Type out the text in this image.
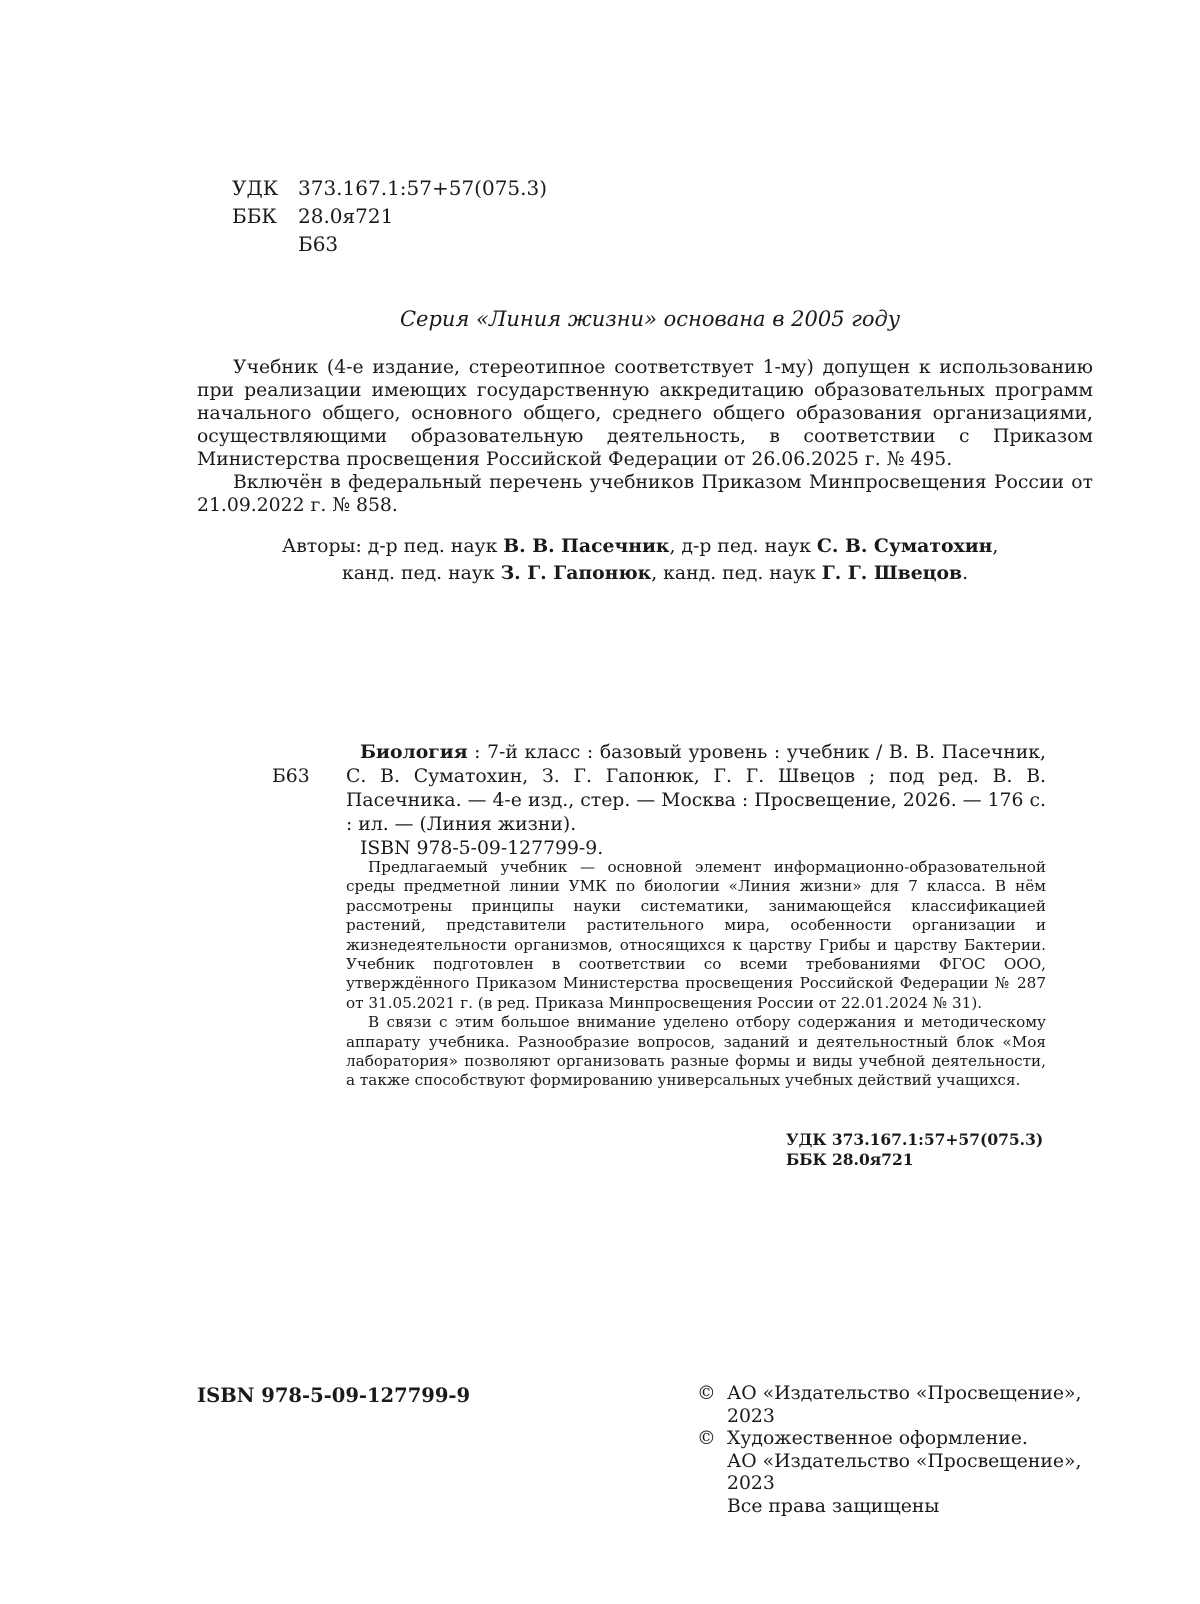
УДК 373.167.1:57+57(075.3)
ББК	28.0я721
Б63
Серия «Линия жизни» основана в 2005 году

Учебник (4-е издание, стереотипное соответствует 1-му) допущен к использованию при реализации имеющих государственную аккредитацию образовательных программ начального общего, основного общего, среднего общего образования организациями, осуществляющими образовательную деятельность, в соответствии с Приказом Министерства просвещения Российской Федерации от 26.06.2025 г. № 495.

Включён в федеральный перечень учебников Приказом Минпросвещения России от 21.09.2022 г. № 858.

Авторы: д-р пед. наук В. В. Пасечник, д-р пед. наук С. В. Суматохин,
канд. пед. наук З. Г. Гапонюк, канд. пед. наук Г. Г. Швецов.
Б63

Биология : 7-й класс : базовый уровень : учебник / В. В. Пасечник, С. В. Суматохин, З. Г. Гапонюк, Г. Г. Швецов ; под ред. В. В. Пасечника. — 4-е изд., стер. — Москва : Просвещение, 2026. — 176 с. : ил. — (Линия жизни).

ISBN 978-5-09-127799-9.

Предлагаемый учебник — основной элемент информационно-образовательной среды предметной линии УМК по биологии «Линия жизни» для 7 класса. В нём рассмотрены принципы науки систематики, занимающейся классификацией растений, представители растительного мира, особенности организации и жизнедеятельности организмов, относящихся к царству Грибы и царству Бактерии. Учебник подготовлен в соответствии со всеми требованиями ФГОС ООО, утверждённого Приказом Министерства просвещения Российской Федерации № 287 от 31.05.2021 г. (в ред. Приказа Минпросвещения России от 22.01.2024 № 31).

В связи с этим большое внимание уделено отбору содержания и методическому аппарату учебника. Разнообразие вопросов, заданий и деятельностный блок «Моя лаборатория» позволяют организовать разные формы и виды учебной деятельности, а также способствуют формированию универсальных учебных действий учащихся.

УДК 373.167.1:57+57(075.3)
ББК 28.0я721
ISBN 978-5-09-127799-9	© АО «Издательство «Просвещение», 2023
© Художественное оформление.
АО «Издательство «Просвещение», 2023
Все права защищены
